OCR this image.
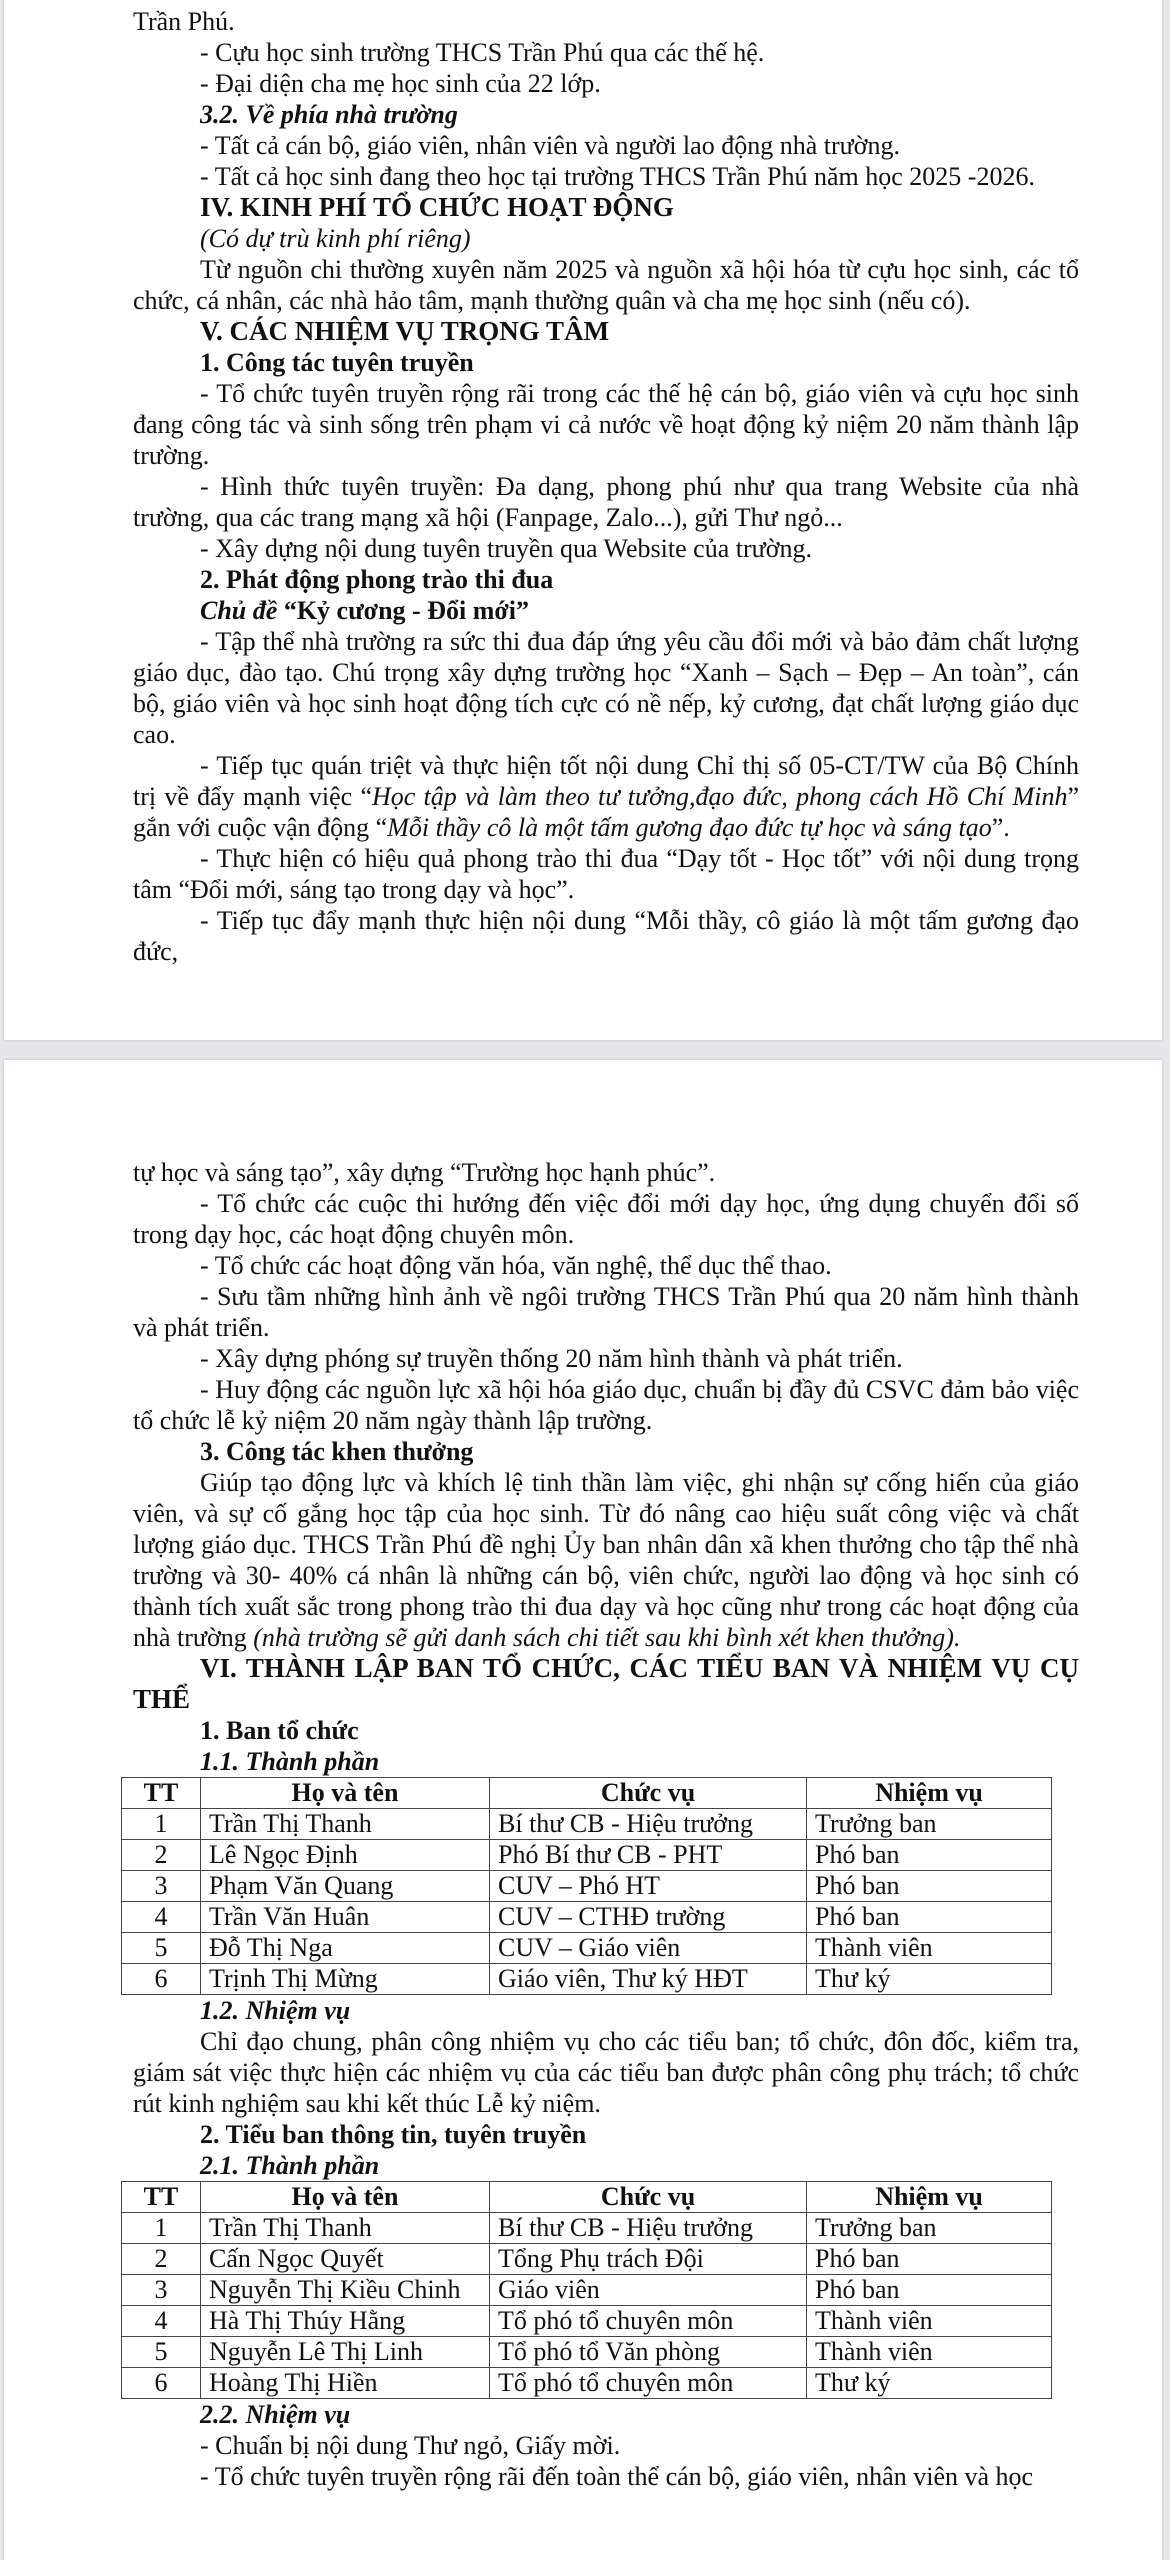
Trần Phú.
- Cựu học sinh trường THCS Trần Phú qua các thế hệ.
- Đại diện cha mẹ học sinh của 22 lớp.
3.2. Về phía nhà trường
- Tất cả cán bộ, giáo viên, nhân viên và người lao động nhà trường.
- Tất cả học sinh đang theo học tại trường THCS Trần Phú năm học 2025 -2026.
IV. KINH PHÍ TỔ CHỨC HOẠT ĐỘNG
(Có dự trù kinh phí riêng)
Từ nguồn chi thường xuyên năm 2025 và nguồn xã hội hóa từ cựu học sinh, các tổ chức, cá nhân, các nhà hảo tâm, mạnh thường quân và cha mẹ học sinh (nếu có).
V. CÁC NHIỆM VỤ TRỌNG TÂM
1. Công tác tuyên truyền
- Tổ chức tuyên truyền rộng rãi trong các thế hệ cán bộ, giáo viên và cựu học sinh đang công tác và sinh sống trên phạm vi cả nước về hoạt động kỷ niệm 20 năm thành lập trường.
- Hình thức tuyên truyền: Đa dạng, phong phú như qua trang Website của nhà trường, qua các trang mạng xã hội (Fanpage, Zalo...), gửi Thư ngỏ...
- Xây dựng nội dung tuyên truyền qua Website của trường.
2. Phát động phong trào thi đua
Chủ đề “Kỷ cương - Đổi mới”
- Tập thể nhà trường ra sức thi đua đáp ứng yêu cầu đổi mới và bảo đảm chất lượng giáo dục, đào tạo. Chú trọng xây dựng trường học “Xanh – Sạch – Đẹp – An toàn”, cán bộ, giáo viên và học sinh hoạt động tích cực có nề nếp, kỷ cương, đạt chất lượng giáo dục cao.
- Tiếp tục quán triệt và thực hiện tốt nội dung Chỉ thị số 05-CT/TW của Bộ Chính trị về đẩy mạnh việc “Học tập và làm theo tư tưởng,đạo đức, phong cách Hồ Chí Minh” gắn với cuộc vận động “Mỗi thầy cô là một tấm gương đạo đức tự học và sáng tạo”.
- Thực hiện có hiệu quả phong trào thi đua “Dạy tốt - Học tốt” với nội dung trọng tâm “Đổi mới, sáng tạo trong dạy và học”.
- Tiếp tục đẩy mạnh thực hiện nội dung “Mỗi thầy, cô giáo là một tấm gương đạo đức,
tự học và sáng tạo”, xây dựng “Trường học hạnh phúc”.
- Tổ chức các cuộc thi hướng đến việc đổi mới dạy học, ứng dụng chuyển đổi số trong dạy học, các hoạt động chuyên môn.
- Tổ chức các hoạt động văn hóa, văn nghệ, thể dục thể thao.
- Sưu tầm những hình ảnh về ngôi trường THCS Trần Phú qua 20 năm hình thành và phát triển.
- Xây dựng phóng sự truyền thống 20 năm hình thành và phát triển.
- Huy động các nguồn lực xã hội hóa giáo dục, chuẩn bị đầy đủ CSVC đảm bảo việc tổ chức lễ kỷ niệm 20 năm ngày thành lập trường.
3. Công tác khen thưởng
Giúp tạo động lực và khích lệ tinh thần làm việc, ghi nhận sự cống hiến của giáo viên, và sự cố gắng học tập của học sinh. Từ đó nâng cao hiệu suất công việc và chất lượng giáo dục. THCS Trần Phú đề nghị Ủy ban nhân dân xã khen thưởng cho tập thể nhà trường và 30- 40% cá nhân là những cán bộ, viên chức, người lao động và học sinh có thành tích xuất sắc trong phong trào thi đua dạy và học cũng như trong các hoạt động của nhà trường (nhà trường sẽ gửi danh sách chi tiết sau khi bình xét khen thưởng).
VI. THÀNH LẬP BAN TỔ CHỨC, CÁC TIỂU BAN VÀ NHIỆM VỤ CỤ THỂ
1. Ban tổ chức
1.1. Thành phần
TT	Họ và tên	Chức vụ	Nhiệm vụ
1	Trần Thị Thanh	Bí thư CB - Hiệu trưởng	Trưởng ban
2	Lê Ngọc Định	Phó Bí thư CB - PHT	Phó ban
3	Phạm Văn Quang	CUV – Phó HT	Phó ban
4	Trần Văn Huân	CUV – CTHĐ trường	Phó ban
5	Đỗ Thị Nga	CUV – Giáo viên	Thành viên
6	Trịnh Thị Mừng	Giáo viên, Thư ký HĐT	Thư ký
1.2. Nhiệm vụ
Chỉ đạo chung, phân công nhiệm vụ cho các tiểu ban; tổ chức, đôn đốc, kiểm tra, giám sát việc thực hiện các nhiệm vụ của các tiểu ban được phân công phụ trách; tổ chức rút kinh nghiệm sau khi kết thúc Lễ kỷ niệm.
2. Tiểu ban thông tin, tuyên truyền
2.1. Thành phần
TT	Họ và tên	Chức vụ	Nhiệm vụ
1	Trần Thị Thanh	Bí thư CB - Hiệu trưởng	Trưởng ban
2	Cấn Ngọc Quyết	Tổng Phụ trách Đội	Phó ban
3	Nguyễn Thị Kiều Chinh	Giáo viên	Phó ban
4	Hà Thị Thúy Hằng	Tổ phó tổ chuyên môn	Thành viên
5	Nguyễn Lê Thị Linh	Tổ phó tổ Văn phòng	Thành viên
6	Hoàng Thị Hiền	Tổ phó tổ chuyên môn	Thư ký
2.2. Nhiệm vụ
- Chuẩn bị nội dung Thư ngỏ, Giấy mời.
- Tổ chức tuyên truyền rộng rãi đến toàn thể cán bộ, giáo viên, nhân viên và học
